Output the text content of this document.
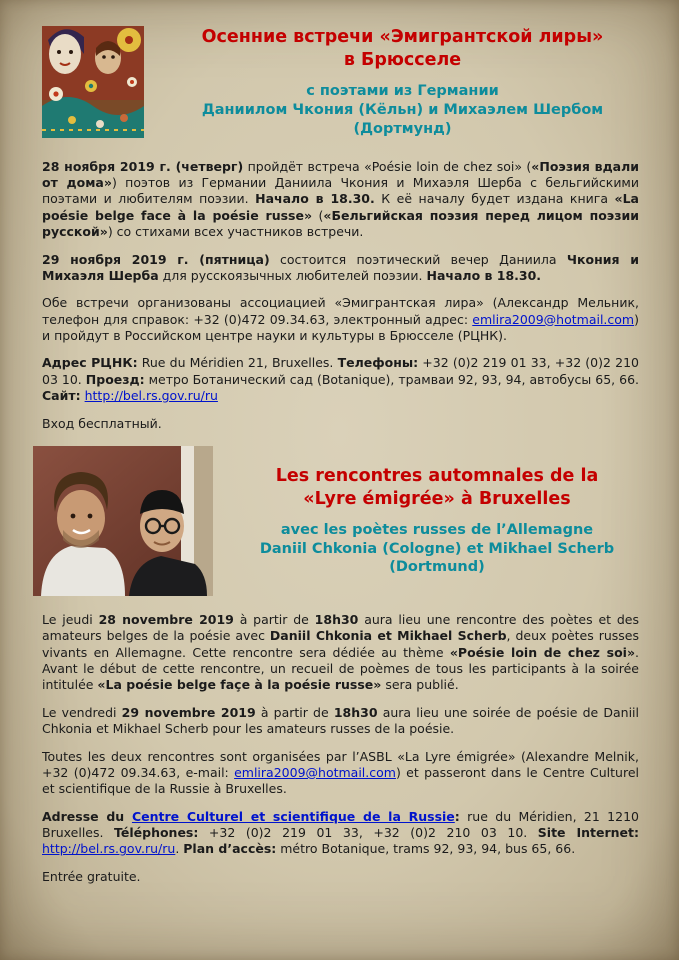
Осенние встречи «Эмигрантской лиры»
в Брюсселе
с поэтами из Германии
Даниилом Чкония (Кёльн) и Михаэлем Шербом
(Дортмунд)

28 ноября 2019 г. (четверг) пройдёт встреча «Poésie loin de chez soi» («Поэзия вдали от дома») поэтов из Германии Даниила Чкония и Михаэля Шерба с бельгийскими поэтами и любителям поэзии. Начало в 18.30. К её началу будет издана книга «La poésie belge face à la poésie russe» («Бельгийская поэзия перед лицом поэзии русской») со стихами всех участников встречи.

29 ноября 2019 г. (пятница) состоится поэтический вечер Даниила Чкония и Михаэля Шерба для русскоязычных любителей поэзии. Начало в 18.30.

Обе встречи организованы ассоциацией «Эмигрантская лира» (Александр Мельник, телефон для справок: +32 (0)472 09.34.63, электронный адрес: emlira2009@hotmail.com) и пройдут в Российском центре науки и культуры в Брюсселе (РЦНК).

Адрес РЦНК: Rue du Méridien 21, Bruxelles. Телефоны: +32 (0)2 219 01 33, +32 (0)2 210 03 10. Проезд: метро Ботанический сад (Botanique), трамваи 92, 93, 94, автобусы 65, 66. Сайт: http://bel.rs.gov.ru/ru

Вход бесплатный.

Les rencontres automnales de la
«Lyre émigrée» à Bruxelles
avec les poètes russes de l’Allemagne
Daniil Chkonia (Cologne) et Mikhael Scherb
(Dortmund)

Le jeudi 28 novembre 2019 à partir de 18h30 aura lieu une rencontre des poètes et des amateurs belges de la poésie avec Daniil Chkonia et Mikhael Scherb, deux poètes russes vivants en Allemagne. Cette rencontre sera dédiée au thème «Poésie loin de chez soi». Avant le début de cette rencontre, un recueil de poèmes de tous les participants à la soirée intitulée «La poésie belge façe à la poésie russe» sera publié.

Le vendredi 29 novembre 2019 à partir de 18h30 aura lieu une soirée de poésie de Daniil Chkonia et Mikhael Scherb pour les amateurs russes de la poésie.

Toutes les deux rencontres sont organisées par l’ASBL «La Lyre émigrée» (Alexandre Melnik, +32 (0)472 09.34.63, e-mail: emlira2009@hotmail.com) et passeront dans le Centre Culturel et scientifique de la Russie à Bruxelles.

Adresse du Centre Culturel et scientifique de la Russie: rue du Méridien, 21 1210 Bruxelles. Téléphones: +32 (0)2 219 01 33, +32 (0)2 210 03 10. Site Internet: http://bel.rs.gov.ru/ru. Plan d’accès: métro Botanique, trams 92, 93, 94, bus 65, 66.

Entrée gratuite.
